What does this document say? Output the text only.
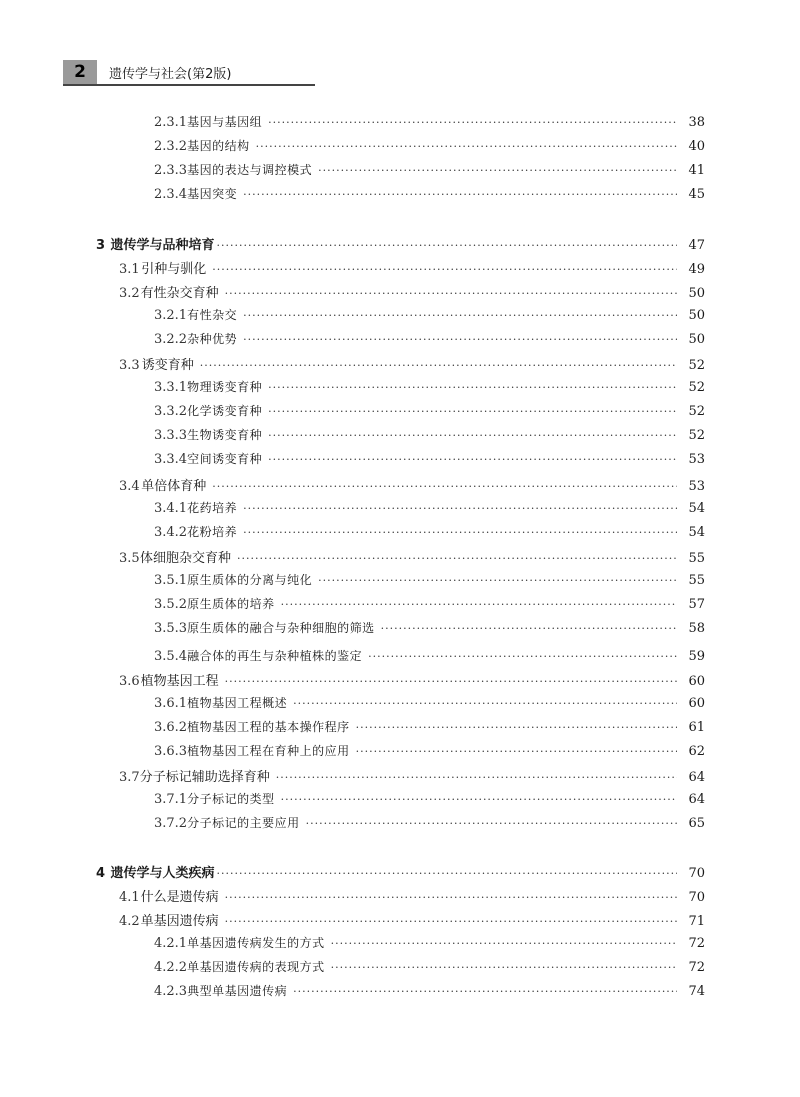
2	遗传学与社会(第2版)
2.3.1 基因与基因组 ·····	38
2.3.2 基因的结构 ·····	40
2.3.3 基因的表达与调控模式 ·····	41
2.3.4 基因突变 ·····	45
3 遗传学与品种培育 ·····	47
3.1 引种与驯化 ·····	49
3.2 有性杂交育种 ·····	50
3.2.1 有性杂交 ·····	50
3.2.2 杂种优势 ·····	50
3.3 诱变育种 ·····	52
3.3.1 物理诱变育种 ·····	52
3.3.2 化学诱变育种 ·····	52
3.3.3 生物诱变育种 ·····	52
3.3.4 空间诱变育种 ·····	53
3.4 单倍体育种 ·····	53
3.4.1 花药培养 ·····	54
3.4.2 花粉培养 ·····	54
3.5 体细胞杂交育种 ·····	55
3.5.1 原生质体的分离与纯化 ·····	55
3.5.2 原生质体的培养 ·····	57
3.5.3 原生质体的融合与杂种细胞的筛选 ·····	58
3.5.4 融合体的再生与杂种植株的鉴定 ·····	59
3.6 植物基因工程 ·····	60
3.6.1 植物基因工程概述 ·····	60
3.6.2 植物基因工程的基本操作程序 ·····	61
3.6.3 植物基因工程在育种上的应用 ·····	62
3.7 分子标记辅助选择育种 ·····	64
3.7.1 分子标记的类型 ·····	64
3.7.2 分子标记的主要应用 ·····	65
4 遗传学与人类疾病 ·····	70
4.1 什么是遗传病 ·····	70
4.2 单基因遗传病 ·····	71
4.2.1 单基因遗传病发生的方式 ·····	72
4.2.2 单基因遗传病的表现方式 ·····	72
4.2.3 典型单基因遗传病 ·····	74
